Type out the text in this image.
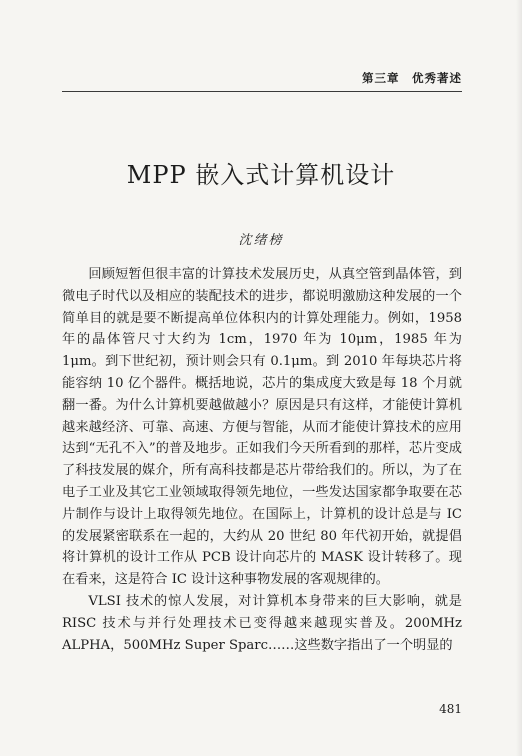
第三章　优秀著述
MPP 嵌入式计算机设计
沈绪榜

回顾短暂但很丰富的计算技术发展历史，从真空管到晶体管，到微电子时代以及相应的装配技术的进步，都说明激励这种发展的一个简单目的就是要不断提高单位体积内的计算处理能力。例如，1958 年的晶体管尺寸大约为 1cm，1970 年为 10μm，1985 年为 1μm。到下世纪初，预计则会只有 0.1μm。到 2010 年每块芯片将能容纳 10 亿个器件。概括地说，芯片的集成度大致是每 18 个月就翻一番。为什么计算机要越做越小？原因是只有这样，才能使计算机越来越经济、可靠、高速、方便与智能，从而才能使计算技术的应用达到“无孔不入”的普及地步。正如我们今天所看到的那样，芯片变成了科技发展的媒介，所有高科技都是芯片带给我们的。所以，为了在电子工业及其它工业领域取得领先地位，一些发达国家都争取要在芯片制作与设计上取得领先地位。在国际上，计算机的设计总是与 IC 的发展紧密联系在一起的，大约从 20 世纪 80 年代初开始，就提倡将计算机的设计工作从 PCB 设计向芯片的 MASK 设计转移了。现在看来，这是符合 IC 设计这种事物发展的客观规律的。

VLSI 技术的惊人发展，对计算机本身带来的巨大影响，就是 RISC 技术与并行处理技术已变得越来越现实普及。200MHz ALPHA，500MHz Super Sparc……这些数字指出了一个明显的

481
